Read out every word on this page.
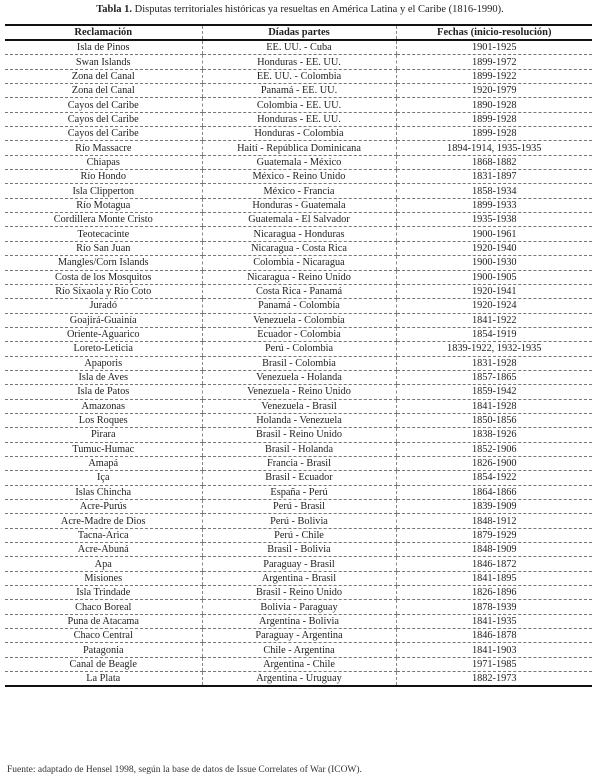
Tabla 1. Disputas territoriales históricas ya resueltas en América Latina y el Caribe (1816-1990).
Reclamación	Díadas partes	Fechas (inicio-resolución)
Isla de Pinos	EE. UU. - Cuba	1901-1925
Swan Islands	Honduras - EE. UU.	1899-1972
Zona del Canal	EE. UU. - Colombia	1899-1922
Zona del Canal	Panamá - EE. UU.	1920-1979
Cayos del Caribe	Colombia - EE. UU.	1890-1928
Cayos del Caribe	Honduras - EE. UU.	1899-1928
Cayos del Caribe	Honduras - Colombia	1899-1928
Río Massacre	Haití - República Dominicana	1894-1914, 1935-1935
Chiapas	Guatemala - México	1868-1882
Río Hondo	México - Reino Unido	1831-1897
Isla Clipperton	México - Francia	1858-1934
Río Motagua	Honduras - Guatemala	1899-1933
Cordillera Monte Cristo	Guatemala - El Salvador	1935-1938
Teotecacinte	Nicaragua - Honduras	1900-1961
Río San Juan	Nicaragua - Costa Rica	1920-1940
Mangles/Corn Islands	Colombia - Nicaragua	1900-1930
Costa de los Mosquitos	Nicaragua - Reino Unido	1900-1905
Río Sixaola y Río Coto	Costa Rica - Panamá	1920-1941
Juradó	Panamá - Colombia	1920-1924
Goajirá-Guainía	Venezuela - Colombia	1841-1922
Oriente-Aguarico	Ecuador - Colombia	1854-1919
Loreto-Leticia	Perú - Colombia	1839-1922, 1932-1935
Apaporis	Brasil - Colombia	1831-1928
Isla de Aves	Venezuela - Holanda	1857-1865
Isla de Patos	Venezuela - Reino Unido	1859-1942
Amazonas	Venezuela - Brasil	1841-1928
Los Roques	Holanda - Venezuela	1850-1856
Pirara	Brasil - Reino Unido	1838-1926
Tumuc-Humac	Brasil - Holanda	1852-1906
Amapá	Francia - Brasil	1826-1900
Iça	Brasil - Ecuador	1854-1922
Islas Chincha	España - Perú	1864-1866
Acre-Purús	Perú - Brasil	1839-1909
Acre-Madre de Dios	Perú - Bolivia	1848-1912
Tacna-Arica	Perú - Chile	1879-1929
Acre-Abuná	Brasil - Bolivia	1848-1909
Apa	Paraguay - Brasil	1846-1872
Misiones	Argentina - Brasil	1841-1895
Isla Trindade	Brasil - Reino Unido	1826-1896
Chaco Boreal	Bolivia - Paraguay	1878-1939
Puna de Atacama	Argentina - Bolivia	1841-1935
Chaco Central	Paraguay - Argentina	1846-1878
Patagonia	Chile - Argentina	1841-1903
Canal de Beagle	Argentina - Chile	1971-1985
La Plata	Argentina - Uruguay	1882-1973
Fuente: adaptado de Hensel 1998, según la base de datos de Issue Correlates of War (ICOW).
